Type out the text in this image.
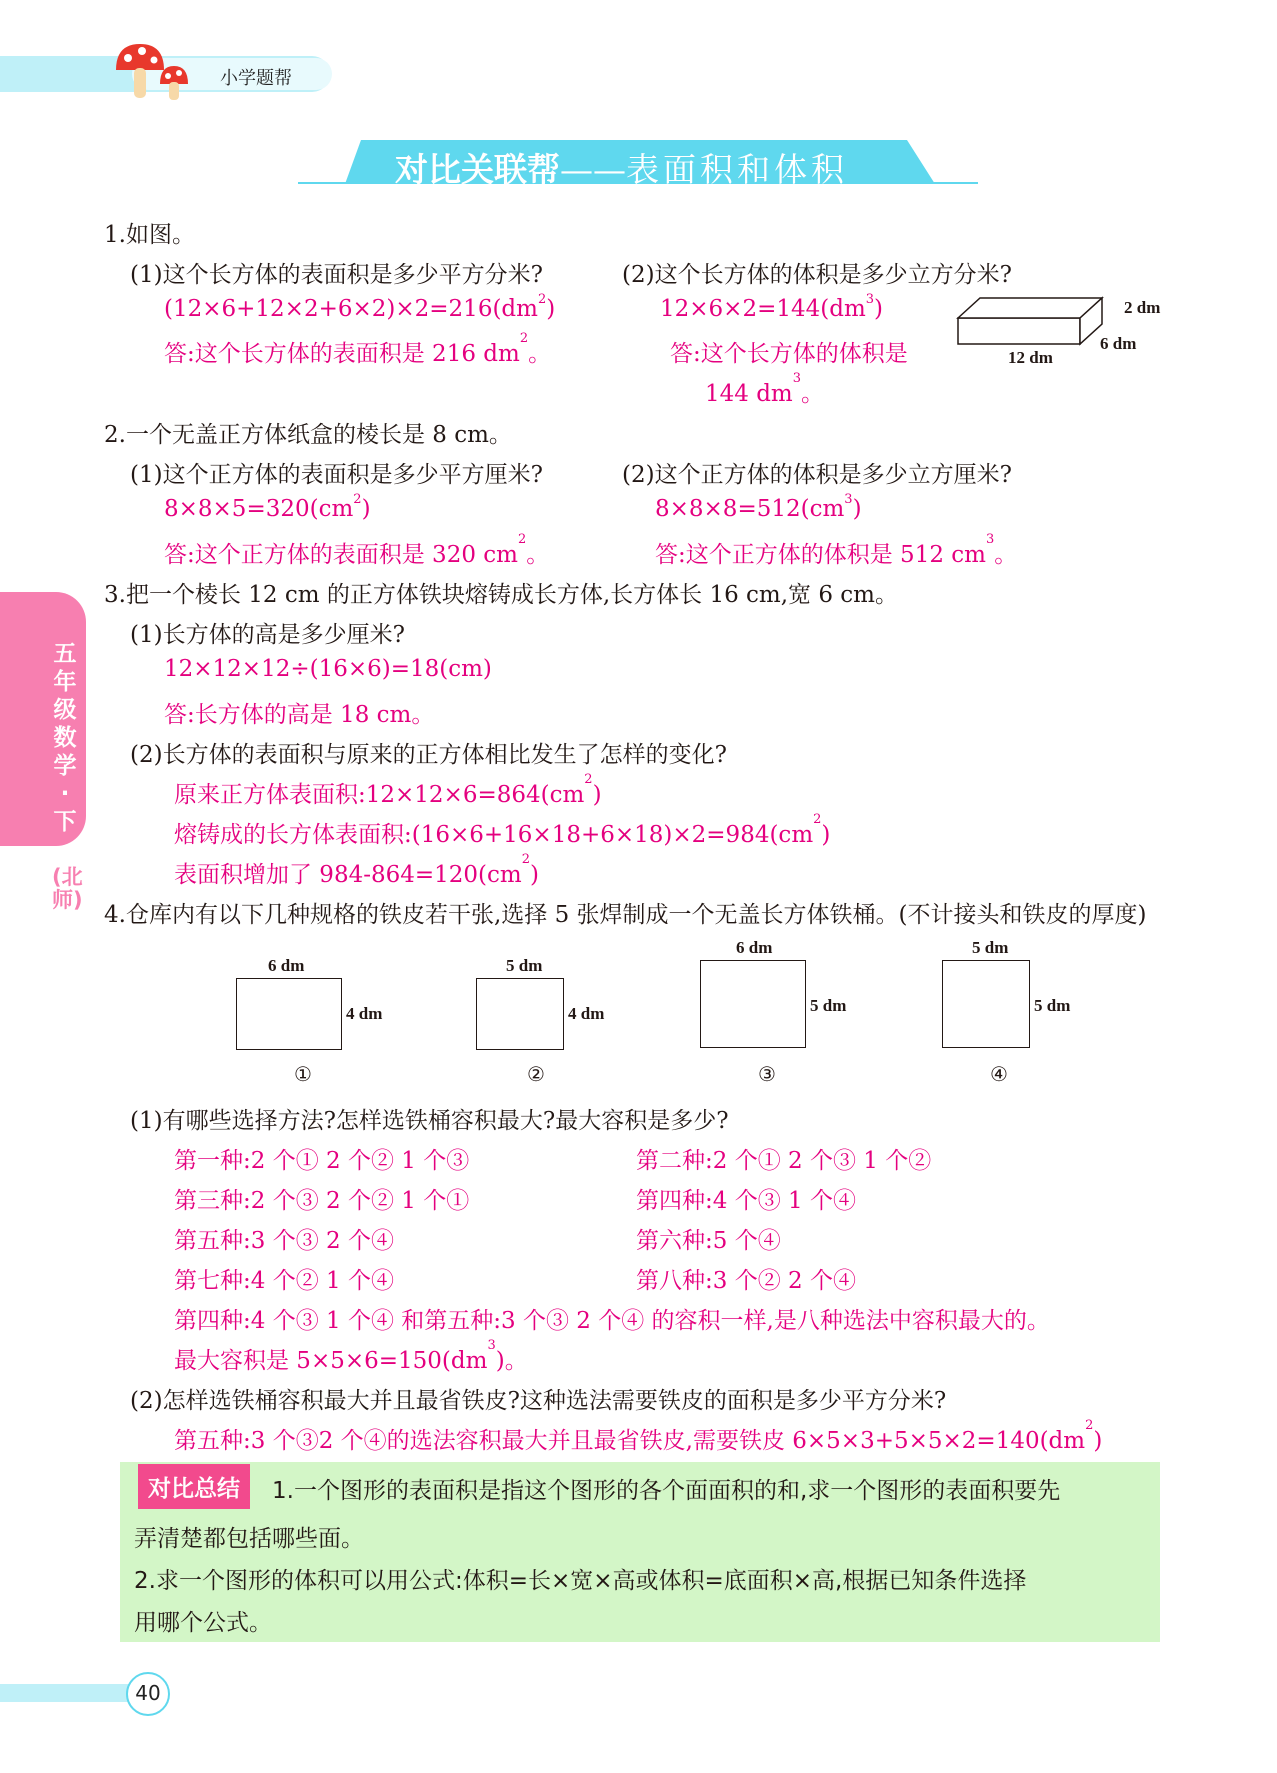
小学题帮
对比关联帮——表面积和体积
五
年
级
数
学
·
下
(北师)
1.如图。
(1)这个长方体的表面积是多少平方分米?	(2)这个长方体的体积是多少立方分米?
$(12\times 6+12\times 2+6\times 2)\times 2=216(dm^2)$
答:这个长方体的表面积是 216 $dm^2$。
$12\times 6\times 2=144(dm^3)$
答:这个长方体的体积是
144 $dm^3$。
2 dm
6 dm
12 dm
2.一个无盖正方体纸盒的棱长是 8 cm。
(1)这个正方体的表面积是多少平方厘米?	(2)这个正方体的体积是多少立方厘米?
$8\times 8\times 5=320(cm^2)$
答:这个正方体的表面积是 320 $cm^2$。
$8\times 8\times 8=512(cm^3)$
答:这个正方体的体积是 512 $cm^3$。
3.把一个棱长 12 cm 的正方体铁块熔铸成长方体,长方体长 16 cm,宽 6 cm。
(1)长方体的高是多少厘米?
12×12×12÷(16×6)=18(cm)
答:长方体的高是 18 cm。
(2)长方体的表面积与原来的正方体相比发生了怎样的变化?
原来正方体表面积$:12\times 12\times 6=864(cm^2)$
熔铸成的长方体表面积$:(16\times 6+16\times 18+6\times 18)\times 2=984(cm^2)$
表面积增加了 $984-864=120(cm^2)$
4.仓库内有以下几种规格的铁皮若干张,选择 5 张焊制成一个无盖长方体铁桶。(不计接头和铁皮的厚度)
6 dm
4 dm
①
5 dm
4 dm
②
6 dm
5 dm
③
5 dm
5 dm
④
(1)有哪些选择方法?怎样选铁桶容积最大?最大容积是多少?
第一种:2 个① 2 个② 1 个③	第二种:2 个① 2 个③ 1 个②
第三种:2 个③ 2 个② 1 个①	第四种:4 个③ 1 个④
第五种:3 个③ 2 个④	第六种:5 个④
第七种:4 个② 1 个④	第八种:3 个② 2 个④
第四种:4 个③ 1 个④ 和第五种:3 个③ 2 个④ 的容积一样,是八种选法中容积最大的。
最大容积是 $5\times 5\times 6=150(dm^3)$。
(2)怎样选铁桶容积最大并且最省铁皮?这种选法需要铁皮的面积是多少平方分米?
第五种:3 个③2 个④的选法容积最大并且最省铁皮,需要铁皮 $6\times 5\times 3+5\times 5\times 2=140(dm^2)$
对比总结	1.一个图形的表面积是指这个图形的各个面面积的和,求一个图形的表面积要先
弄清楚都包括哪些面。
2.求一个图形的体积可以用公式:体积=长×宽×高或体积=底面积×高,根据已知条件选择
用哪个公式。
40
